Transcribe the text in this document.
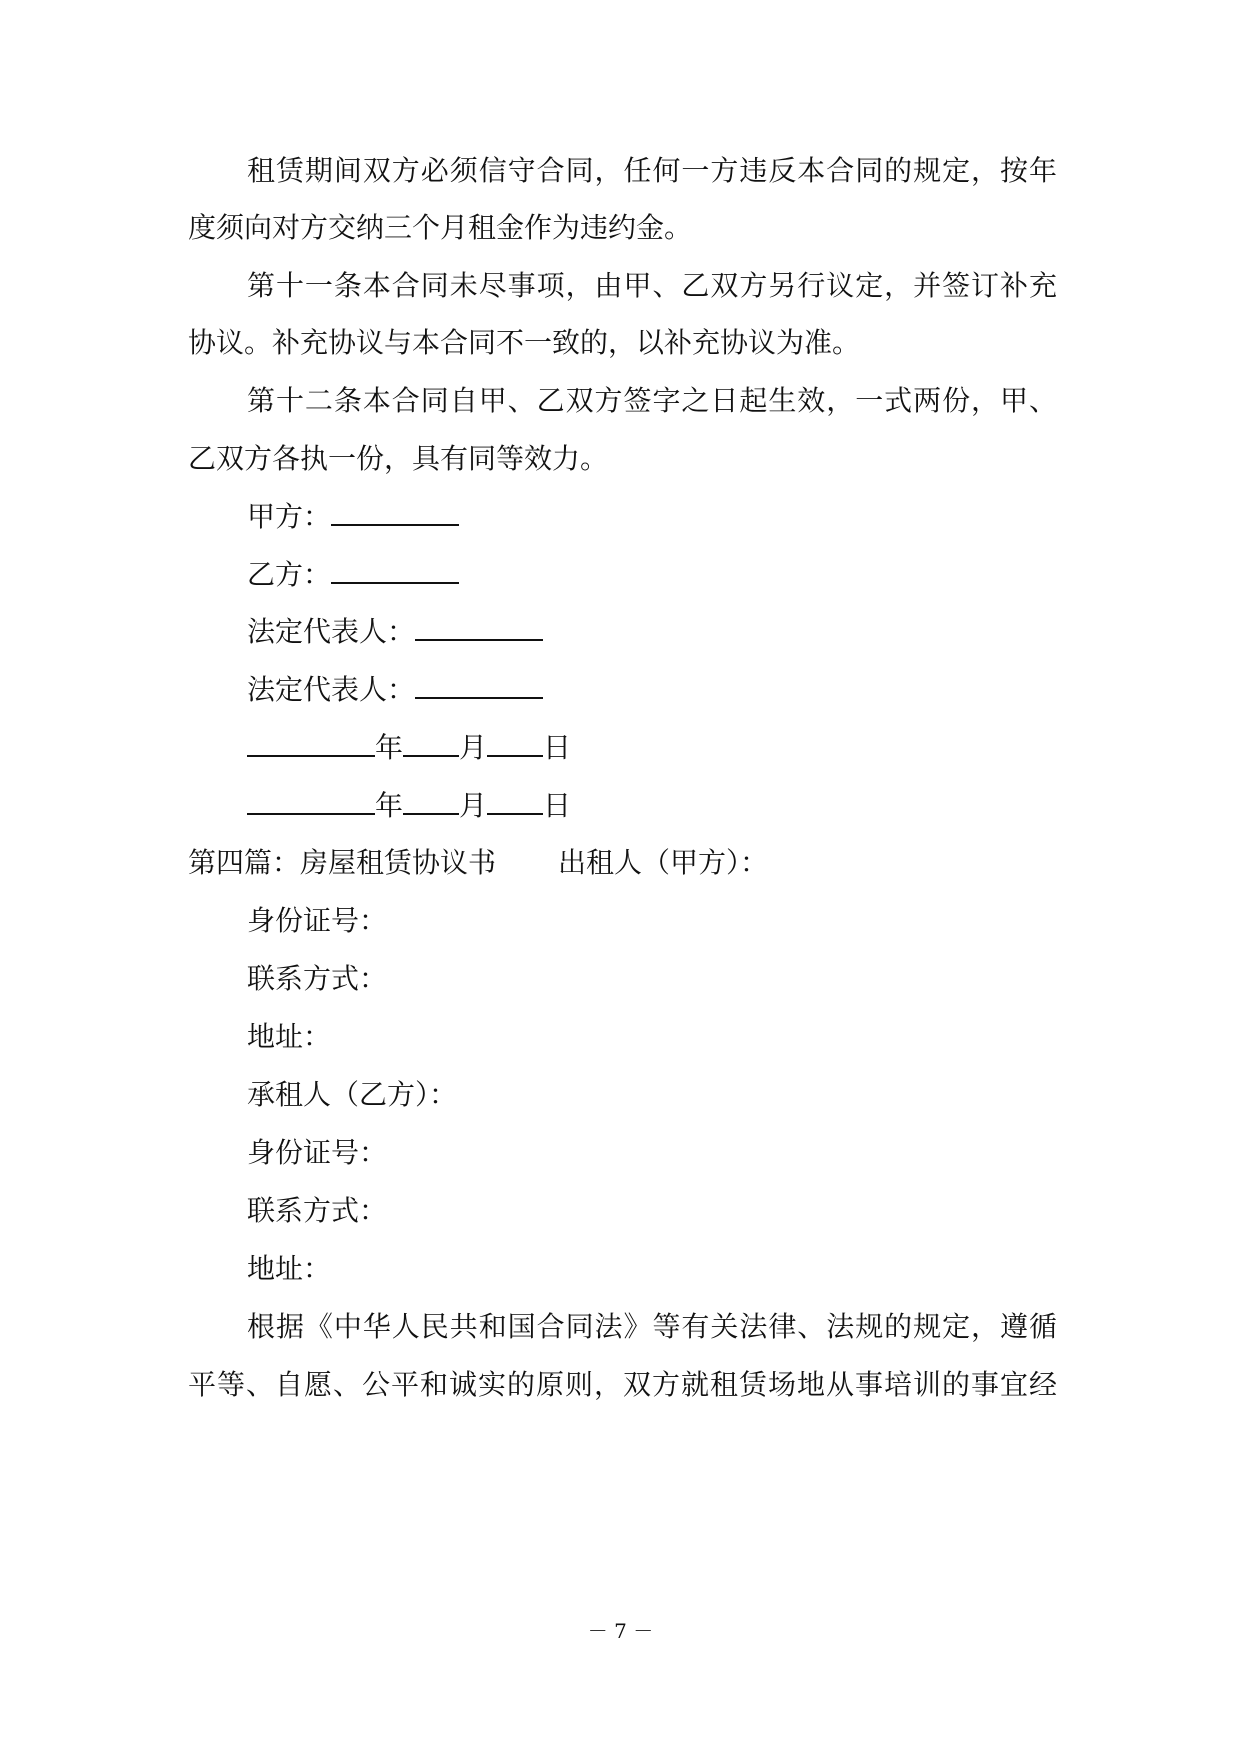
租赁期间双方必须信守合同，任何一方违反本合同的规定，按年

度须向对方交纳三个月租金作为违约金。

第十一条本合同未尽事项，由甲、乙双方另行议定，并签订补充

协议。补充协议与本合同不一致的，以补充协议为准。

第十二条本合同自甲、乙双方签字之日起生效，一式两份，甲、

乙双方各执一份，具有同等效力。

甲方：

乙方：

法定代表人：

法定代表人：

年 月 日

年 月 日

第四篇：房屋租赁协议书 出租人（甲方）：

身份证号：

联系方式：

地址：

承租人（乙方）：

身份证号：

联系方式：

地址：

根据《中华人民共和国合同法》等有关法律、法规的规定，遵循

平等、自愿、公平和诚实的原则，双方就租赁场地从事培训的事宜经

－ 7 －
